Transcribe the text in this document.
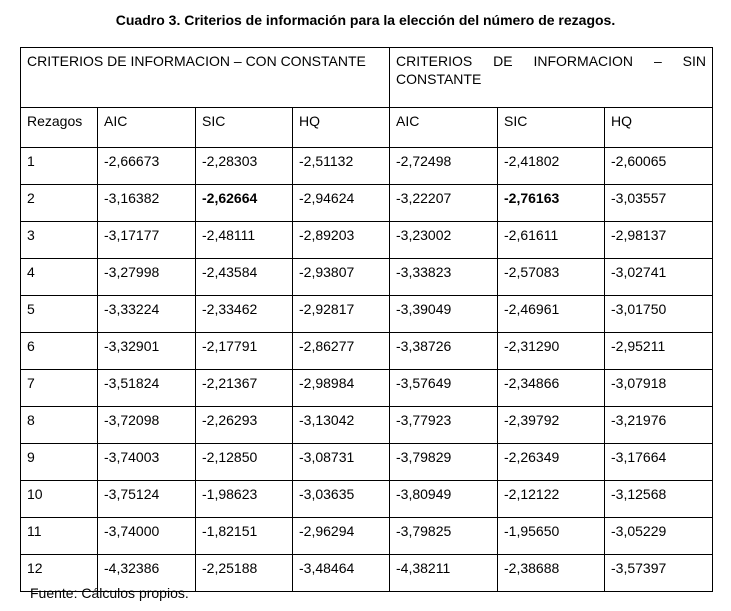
Cuadro 3. Criterios de información para la elección del número de rezagos.
CRITERIOS DE INFORMACION – CON CONSTANTE				CRITERIOS DE INFORMACION – SIN CONSTANTE		
Rezagos	AIC	SIC	HQ	AIC	SIC	HQ
1	-2,66673	-2,28303	-2,51132	-2,72498	-2,41802	-2,60065
2	-3,16382	-2,62664	-2,94624	-3,22207	-2,76163	-3,03557
3	-3,17177	-2,48111	-2,89203	-3,23002	-2,61611	-2,98137
4	-3,27998	-2,43584	-2,93807	-3,33823	-2,57083	-3,02741
5	-3,33224	-2,33462	-2,92817	-3,39049	-2,46961	-3,01750
6	-3,32901	-2,17791	-2,86277	-3,38726	-2,31290	-2,95211
7	-3,51824	-2,21367	-2,98984	-3,57649	-2,34866	-3,07918
8	-3,72098	-2,26293	-3,13042	-3,77923	-2,39792	-3,21976
9	-3,74003	-2,12850	-3,08731	-3,79829	-2,26349	-3,17664
10	-3,75124	-1,98623	-3,03635	-3,80949	-2,12122	-3,12568
11	-3,74000	-1,82151	-2,96294	-3,79825	-1,95650	-3,05229
12	-4,32386	-2,25188	-3,48464	-4,38211	-2,38688	-3,57397
Fuente: Cálculos propios.
